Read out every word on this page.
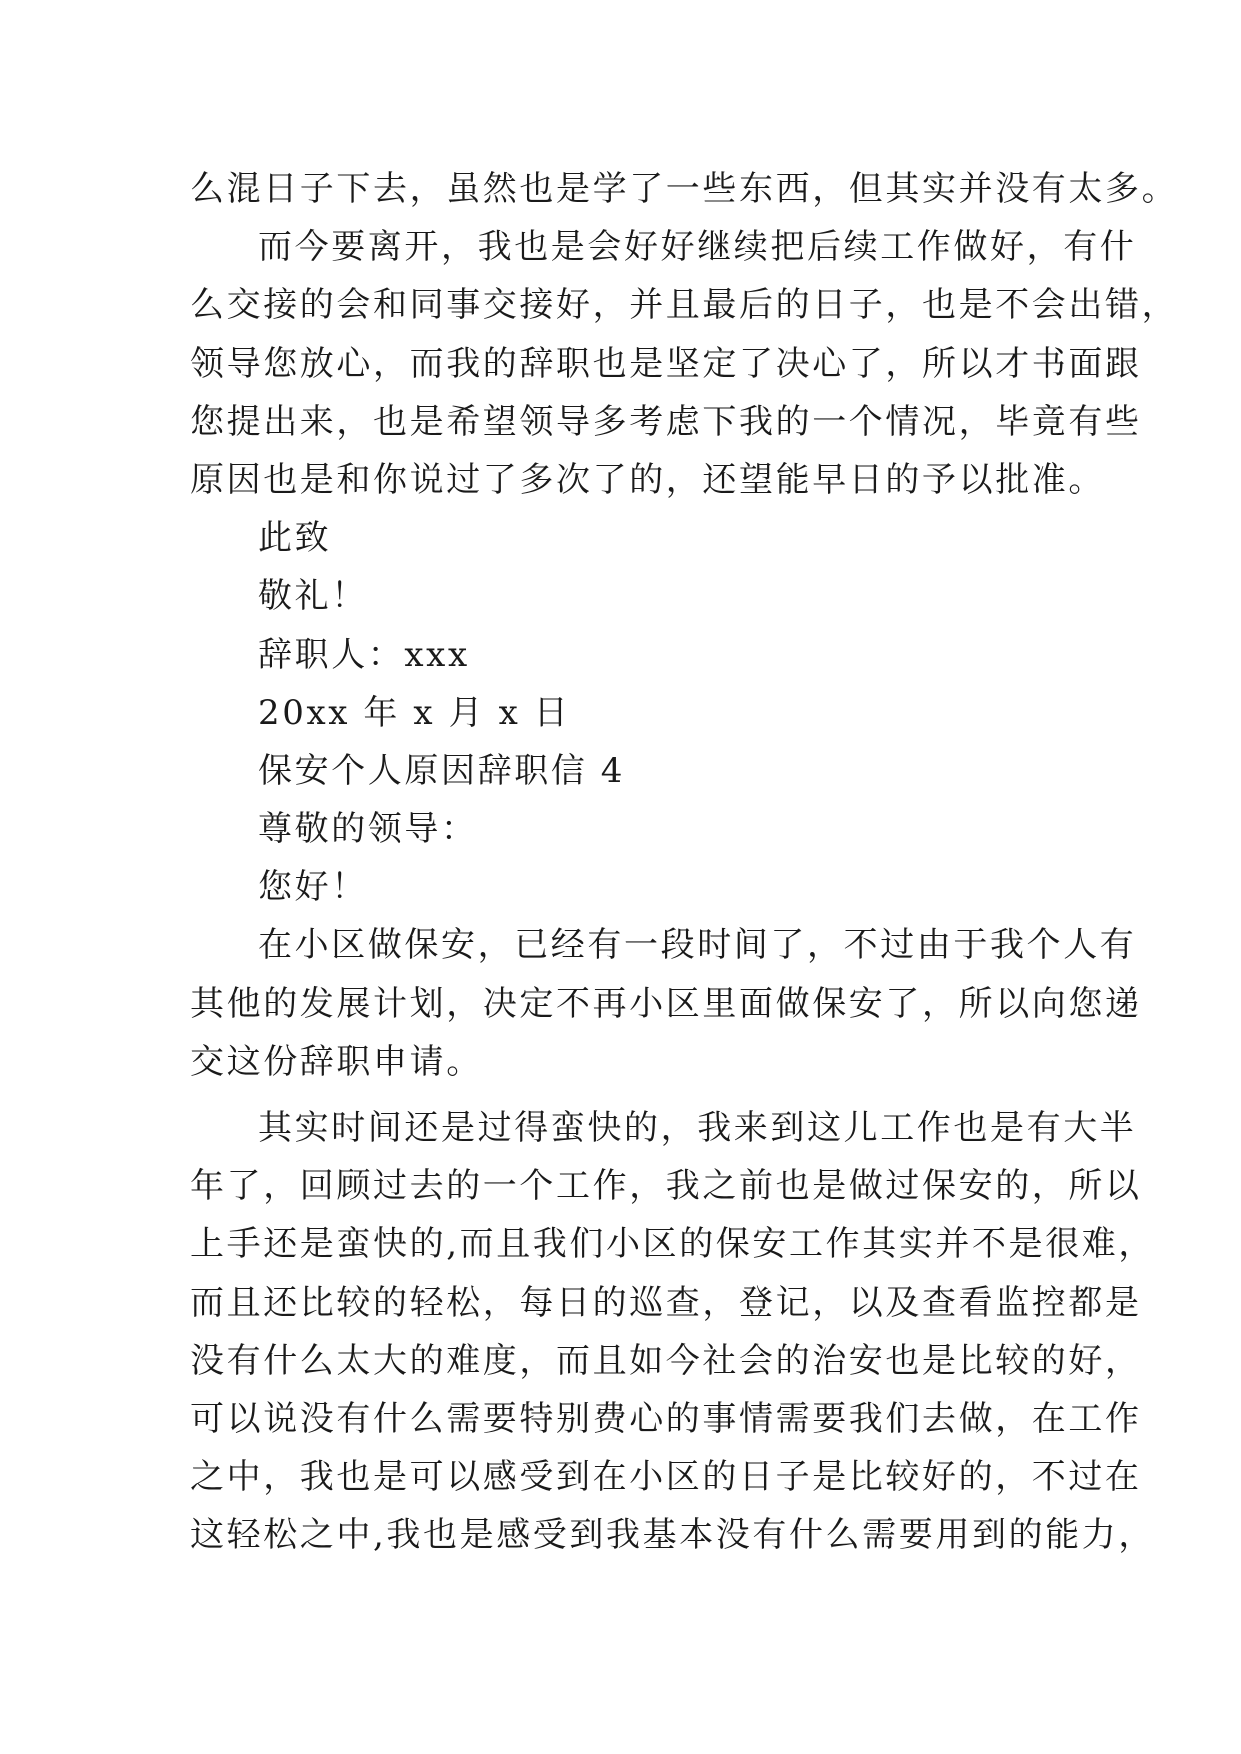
么混日子下去，虽然也是学了一些东西，但其实并没有太多。
而今要离开，我也是会好好继续把后续工作做好，有什
么交接的会和同事交接好，并且最后的日子，也是不会出错，
领导您放心，而我的辞职也是坚定了决心了，所以才书面跟
您提出来，也是希望领导多考虑下我的一个情况，毕竟有些
原因也是和你说过了多次了的，还望能早日的予以批准。
此致
敬礼！
辞职人：xxx
20xx 年 x 月 x 日
保安个人原因辞职信 4
尊敬的领导：
您好！
在小区做保安，已经有一段时间了，不过由于我个人有
其他的发展计划，决定不再小区里面做保安了，所以向您递
交这份辞职申请。
其实时间还是过得蛮快的，我来到这儿工作也是有大半
年了，回顾过去的一个工作，我之前也是做过保安的，所以
上手还是蛮快的,而且我们小区的保安工作其实并不是很难，
而且还比较的轻松，每日的巡查，登记，以及查看监控都是
没有什么太大的难度，而且如今社会的治安也是比较的好，
可以说没有什么需要特别费心的事情需要我们去做，在工作
之中，我也是可以感受到在小区的日子是比较好的，不过在
这轻松之中,我也是感受到我基本没有什么需要用到的能力，
